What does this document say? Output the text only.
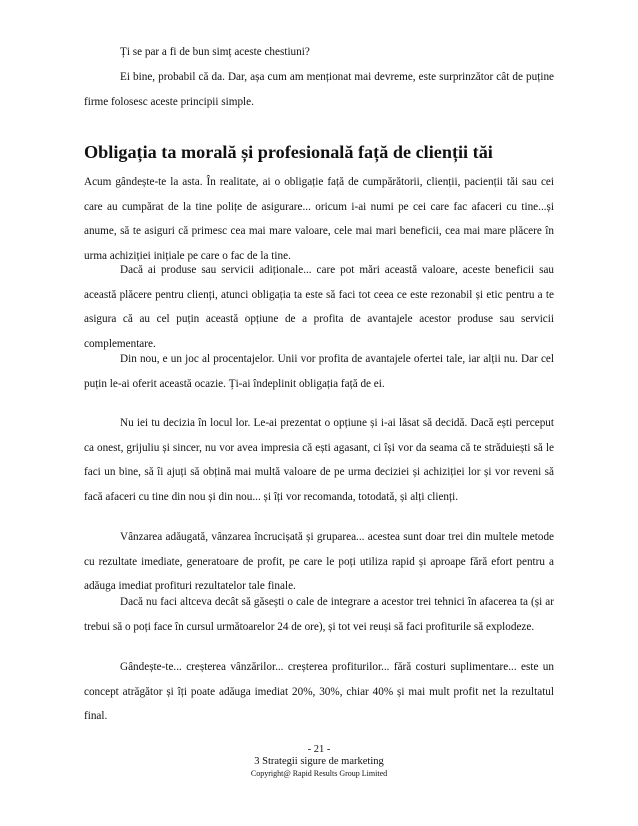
Ți se par a fi de bun simț aceste chestiuni?

Ei bine, probabil că da. Dar, așa cum am menționat mai devreme, este surprinzător cât de puține firme folosesc aceste principii simple.

Obligația ta morală și profesională față de clienții tăi

Acum gândește-te la asta. În realitate, ai o obligație față de cumpărătorii, clienții, pacienții tăi sau cei care au cumpărat de la tine polițe de asigurare... oricum i-ai numi pe cei care fac afaceri cu tine...și anume, să te asiguri că primesc cea mai mare valoare, cele mai mari beneficii, cea mai mare plăcere în urma achiziției inițiale pe care o fac de la tine.

Dacă ai produse sau servicii adiționale... care pot mări această valoare, aceste beneficii sau această plăcere pentru clienți, atunci obligația ta este să faci tot ceea ce este rezonabil și etic pentru a te asigura că au cel puțin această opțiune de a profita de avantajele acestor produse sau servicii complementare.

Din nou, e un joc al procentajelor. Unii vor profita de avantajele ofertei tale, iar alții nu. Dar cel puțin le-ai oferit această ocazie. Ți-ai îndeplinit obligația față de ei.

Nu iei tu decizia în locul lor. Le-ai prezentat o opțiune și i-ai lăsat să decidă. Dacă ești perceput ca onest, grijuliu și sincer, nu vor avea impresia că ești agasant, ci își vor da seama că te străduiești să le faci un bine, să îi ajuți să obțină mai multă valoare de pe urma deciziei și achiziției lor și vor reveni să facă afaceri cu tine din nou și din nou... și îți vor recomanda, totodată, și alți clienți.

Vânzarea adăugată, vânzarea încrucișată și gruparea... acestea sunt doar trei din multele metode cu rezultate imediate, generatoare de profit, pe care le poți utiliza rapid și aproape fără efort pentru a adăuga imediat profituri rezultatelor tale finale.

Dacă nu faci altceva decât să găsești o cale de integrare a acestor trei tehnici în afacerea ta (și ar trebui să o poți face în cursul următoarelor 24 de ore), și tot vei reuși să faci profiturile să explodeze.

Gândește-te... creșterea vânzărilor... creșterea profiturilor... fără costuri suplimentare... este un concept atrăgător și îți poate adăuga imediat 20%, 30%, chiar 40% și mai mult profit net la rezultatul final.

- 21 -
3 Strategii sigure de marketing
Copyright@ Rapid Results Group Limited
